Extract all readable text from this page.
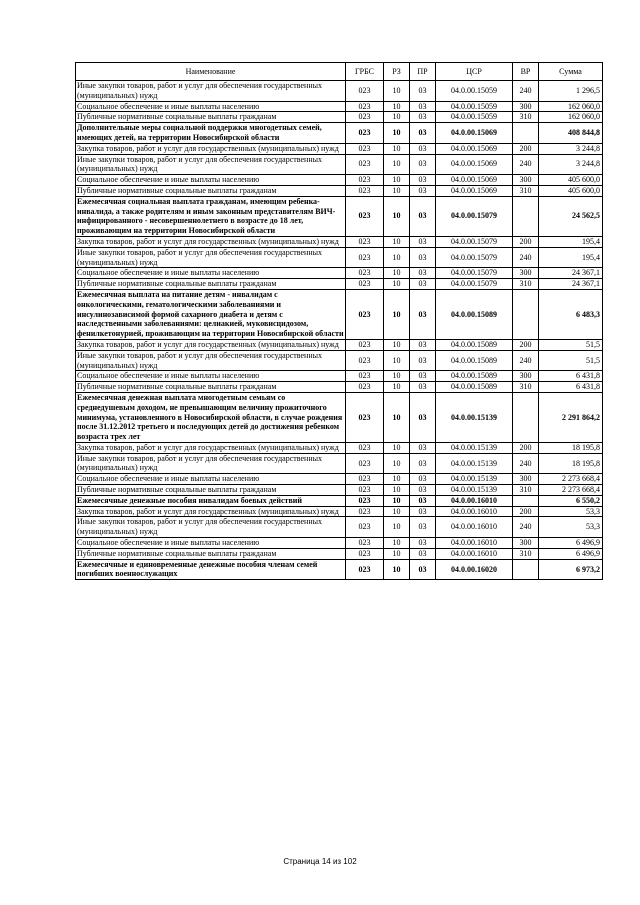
Наименование	ГРБС	РЗ	ПР	ЦСР	ВР	Сумма
Иные закупки товаров, работ и услуг для обеспечения государственных (муниципальных) нужд	023	10	03	04.0.00.15059	240	1 296,5
Социальное обеспечение и иные выплаты населению	023	10	03	04.0.00.15059	300	162 060,0
Публичные нормативные социальные выплаты гражданам	023	10	03	04.0.00.15059	310	162 060,0
Дополнительные меры социальной поддержки многодетных семей, имеющих детей, на территории Новосибирской области	023	10	03	04.0.00.15069		408 844,8
Закупка товаров, работ и услуг для государственных (муниципальных) нужд	023	10	03	04.0.00.15069	200	3 244,8
Иные закупки товаров, работ и услуг для обеспечения государственных (муниципальных) нужд	023	10	03	04.0.00.15069	240	3 244,8
Социальное обеспечение и иные выплаты населению	023	10	03	04.0.00.15069	300	405 600,0
Публичные нормативные социальные выплаты гражданам	023	10	03	04.0.00.15069	310	405 600,0
Ежемесячная социальная выплата гражданам, имеющим ребенка-инвалида, а также родителям и иным законным представителям ВИЧ-инфицированного - несовершеннолетнего в возрасте до 18 лет, проживающим на территории Новосибирской области	023	10	03	04.0.00.15079		24 562,5
Закупка товаров, работ и услуг для государственных (муниципальных) нужд	023	10	03	04.0.00.15079	200	195,4
Иные закупки товаров, работ и услуг для обеспечения государственных (муниципальных) нужд	023	10	03	04.0.00.15079	240	195,4
Социальное обеспечение и иные выплаты населению	023	10	03	04.0.00.15079	300	24 367,1
Публичные нормативные социальные выплаты гражданам	023	10	03	04.0.00.15079	310	24 367,1
Ежемесячная выплата на питание детям - инвалидам с онкологическими, гематологическими заболеваниями и инсулинозависимой формой сахарного диабета и детям с наследственными заболеваниями: целиакией, муковисцидозом, фенилкетонурией, проживающим на территории Новосибирской области	023	10	03	04.0.00.15089		6 483,3
Закупка товаров, работ и услуг для государственных (муниципальных) нужд	023	10	03	04.0.00.15089	200	51,5
Иные закупки товаров, работ и услуг для обеспечения государственных (муниципальных) нужд	023	10	03	04.0.00.15089	240	51,5
Социальное обеспечение и иные выплаты населению	023	10	03	04.0.00.15089	300	6 431,8
Публичные нормативные социальные выплаты гражданам	023	10	03	04.0.00.15089	310	6 431,8
Ежемесячная денежная выплата многодетным семьям со среднедушевым доходом, не превышающим величину прожиточного минимума, установленного в Новосибирской области, в случае рождения после 31.12.2012 третьего и последующих детей до достижения ребенком возраста трех лет	023	10	03	04.0.00.15139		2 291 864,2
Закупка товаров, работ и услуг для государственных (муниципальных) нужд	023	10	03	04.0.00.15139	200	18 195,8
Иные закупки товаров, работ и услуг для обеспечения государственных (муниципальных) нужд	023	10	03	04.0.00.15139	240	18 195,8
Социальное обеспечение и иные выплаты населению	023	10	03	04.0.00.15139	300	2 273 668,4
Публичные нормативные социальные выплаты гражданам	023	10	03	04.0.00.15139	310	2 273 668,4
Ежемесячные денежные пособия инвалидам боевых действий	023	10	03	04.0.00.16010		6 550,2
Закупка товаров, работ и услуг для государственных (муниципальных) нужд	023	10	03	04.0.00.16010	200	53,3
Иные закупки товаров, работ и услуг для обеспечения государственных (муниципальных) нужд	023	10	03	04.0.00.16010	240	53,3
Социальное обеспечение и иные выплаты населению	023	10	03	04.0.00.16010	300	6 496,9
Публичные нормативные социальные выплаты гражданам	023	10	03	04.0.00.16010	310	6 496,9
Ежемесячные и единовременные денежные пособия членам семей погибших военнослужащих	023	10	03	04.0.00.16020		6 973,2
Страница 14 из 102
